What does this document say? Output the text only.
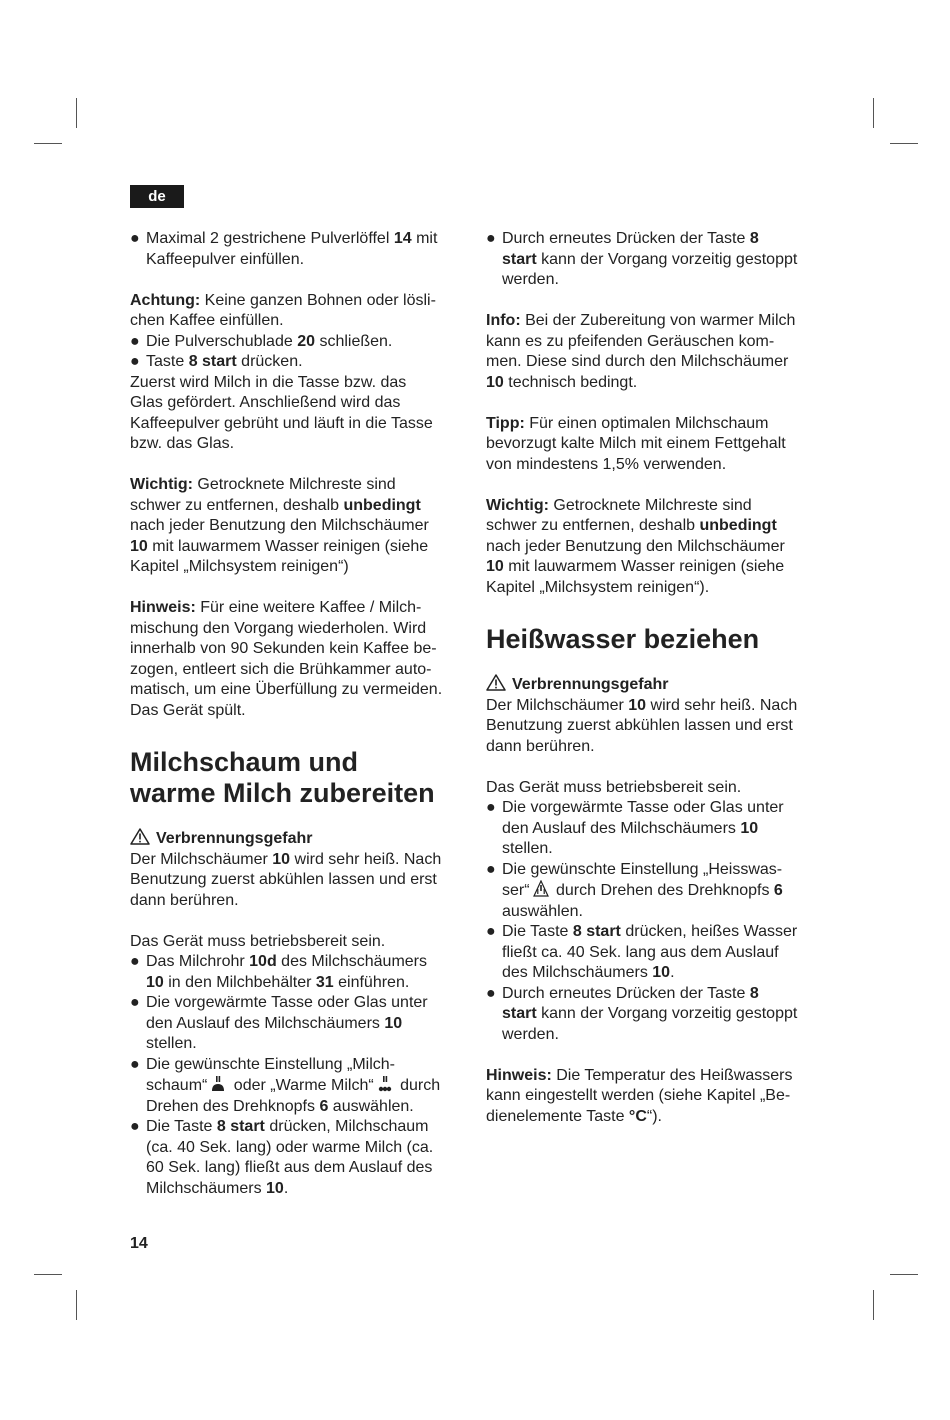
de
● Maximal 2 gestrichene Pulverlöffel 14 mit
Kaffeepulver einfüllen.
Achtung: Keine ganzen Bohnen oder lösli-
chen Kaffee einfüllen.
● Die Pulverschublade 20 schließen.
● Taste 8 start drücken.
Zuerst wird Milch in die Tasse bzw. das
Glas gefördert. Anschließend wird das
Kaffeepulver gebrüht und läuft in die Tasse
bzw. das Glas.
Wichtig: Getrocknete Milchreste sind
schwer zu entfernen, deshalb unbedingt
nach jeder Benutzung den Milchschäumer
10 mit lauwarmem Wasser reinigen (siehe
Kapitel „Milchsystem reinigen“)
Hinweis: Für eine weitere Kaffee / Milch-
mischung den Vorgang wiederholen. Wird
innerhalb von 90 Sekunden kein Kaffee be-
zogen, entleert sich die Brühkammer auto-
matisch, um eine Überfüllung zu vermeiden.
Das Gerät spült.
Milchschaum und
warme Milch zubereiten
Verbrennungsgefahr
Der Milchschäumer 10 wird sehr heiß. Nach
Benutzung zuerst abkühlen lassen und erst
dann berühren.
Das Gerät muss betriebsbereit sein.
● Das Milchrohr 10d des Milchschäumers
10 in den Milchbehälter 31 einführen.
● Die vorgewärmte Tasse oder Glas unter
den Auslauf des Milchschäumers 10
stellen.
● Die gewünschte Einstellung „Milch-
schaum“ oder „Warme Milch“ durch
Drehen des Drehknopfs 6 auswählen.
● Die Taste 8 start drücken, Milchschaum
(ca. 40 Sek. lang) oder warme Milch (ca.
60 Sek. lang) fließt aus dem Auslauf des
Milchschäumers 10.
● Durch erneutes Drücken der Taste 8
start kann der Vorgang vorzeitig gestoppt
werden.
Info: Bei der Zubereitung von warmer Milch
kann es zu pfeifenden Geräuschen kom-
men. Diese sind durch den Milchschäumer
10 technisch bedingt.
Tipp: Für einen optimalen Milchschaum
bevorzugt kalte Milch mit einem Fettgehalt
von mindestens 1,5% verwenden.
Wichtig: Getrocknete Milchreste sind
schwer zu entfernen, deshalb unbedingt
nach jeder Benutzung den Milchschäumer
10 mit lauwarmem Wasser reinigen (siehe
Kapitel „Milchsystem reinigen“).
Heißwasser beziehen
Verbrennungsgefahr
Der Milchschäumer 10 wird sehr heiß. Nach
Benutzung zuerst abkühlen lassen und erst
dann berühren.
Das Gerät muss betriebsbereit sein.
● Die vorgewärmte Tasse oder Glas unter
den Auslauf des Milchschäumers 10
stellen.
● Die gewünschte Einstellung „Heisswas-
ser“ durch Drehen des Drehknopfs 6
auswählen.
● Die Taste 8 start drücken, heißes Wasser
fließt ca. 40 Sek. lang aus dem Auslauf
des Milchschäumers 10.
● Durch erneutes Drücken der Taste 8
start kann der Vorgang vorzeitig gestoppt
werden.
Hinweis: Die Temperatur des Heißwassers
kann eingestellt werden (siehe Kapitel „Be-
dienelemente Taste °C“).
14
